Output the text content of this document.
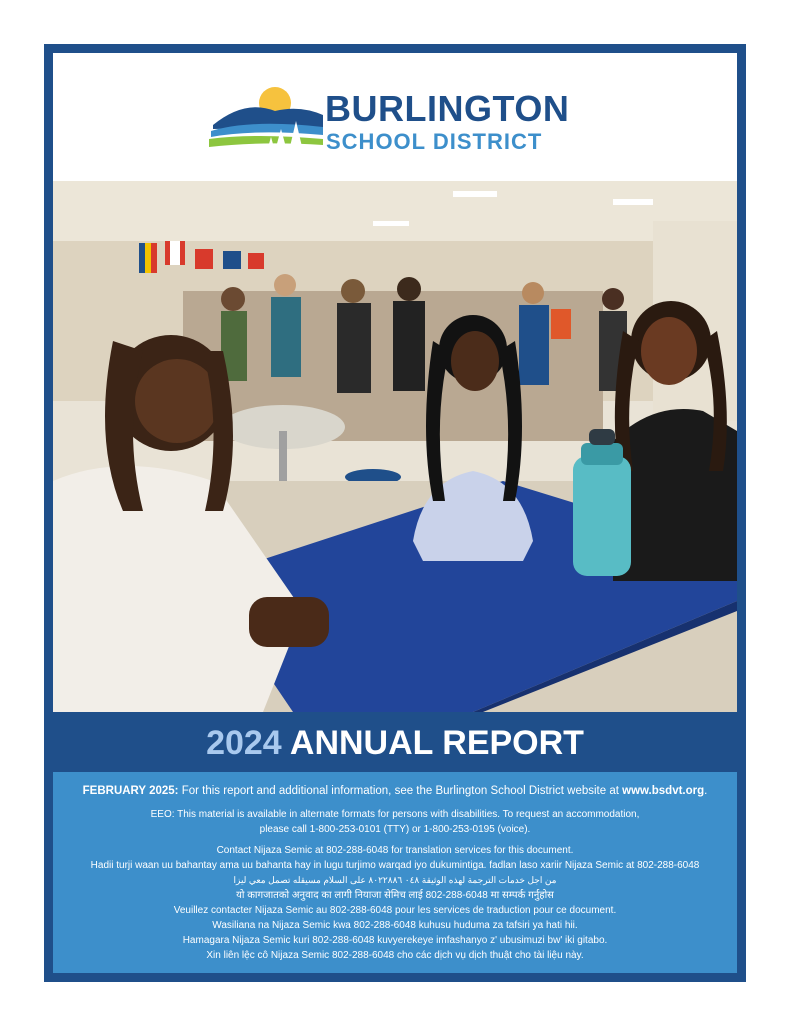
BURLINGTON
SCHOOL DISTRICT
2024 ANNUAL REPORT

FEBRUARY 2025: For this report and additional information, see the Burlington School District website at www.bsdvt.org.

EEO: This material is available in alternate formats for persons with disabilities. To request an accommodation,

please call 1-800-253-0101 (TTY) or 1-800-253-0195 (voice).

Contact Nijaza Semic at 802-288-6048 for translation services for this document.

Hadii turji waan uu bahantay ama uu bahanta hay in lugu turjimo warqad iyo dukumintiga. fadlan laso xariir Nijaza Semic at 802-288-6048

من اجل خدمات الترجمة لهذه الوثيقة ٠٤٨ ٨٠٢٢٨٨٦ على السلام مسيقله تصمل معي ليزا

यो कागजातको अनुवाद का लागी नियाजा सेमिच लाई 802-288-6048 मा सम्पर्क गर्नुहोस

Veuillez contacter Nijaza Semic au 802-288-6048 pour les services de traduction pour ce document.

Wasiliana na Nijaza Semic kwa 802-288-6048 kuhusu huduma za tafsiri ya hati hii.

Hamagara Nijaza Semic kuri 802-288-6048 kuvyerekeye imfashanyo z' ubusimuzi bw' iki gitabo.

Xin liên lệc cô Nijaza Semic 802-288-6048 cho các dịch vụ dịch thuật cho tài liệu này.
